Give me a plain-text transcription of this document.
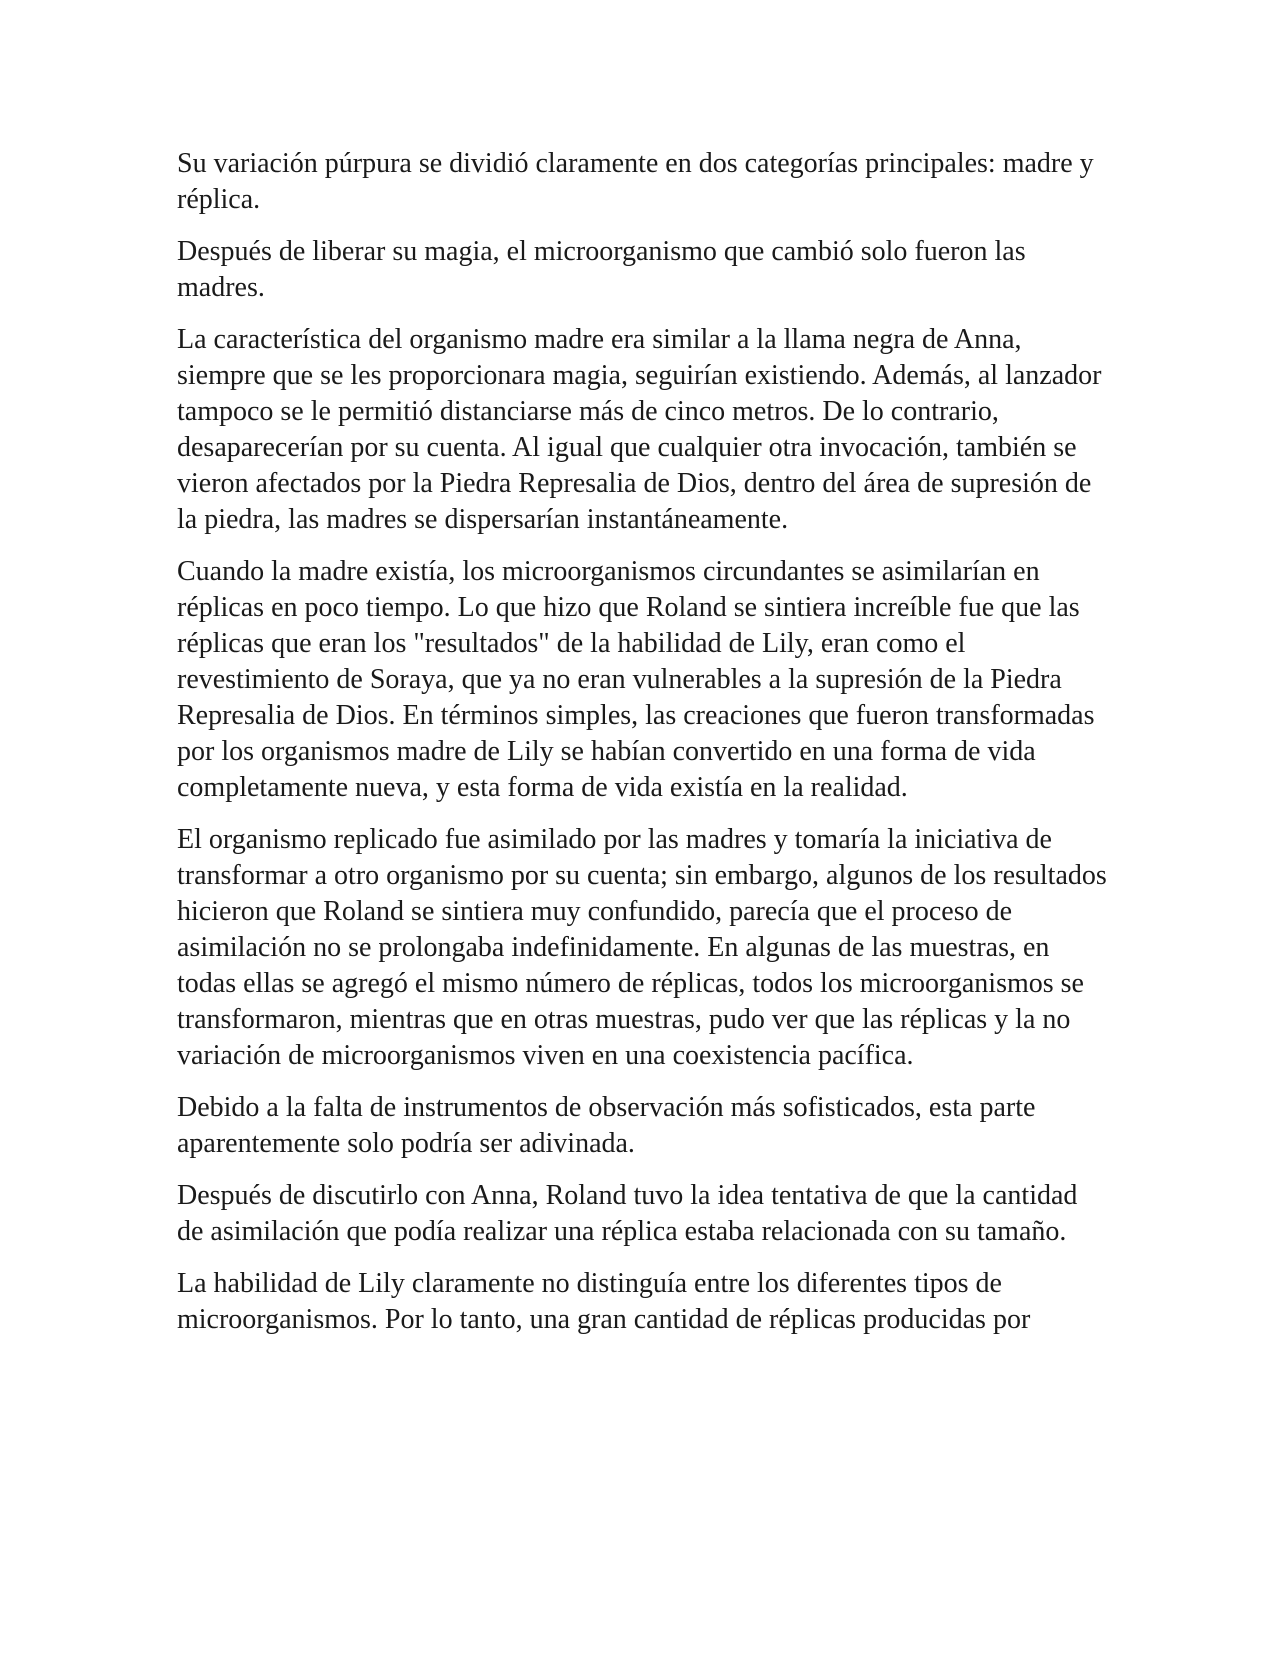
Su variación púrpura se dividió claramente en dos categorías principales: madre y réplica.

Después de liberar su magia, el microorganismo que cambió solo fueron las madres.

La característica del organismo madre era similar a la llama negra de Anna, siempre que se les proporcionara magia, seguirían existiendo. Además, al lanzador tampoco se le permitió distanciarse más de cinco metros. De lo contrario, desaparecerían por su cuenta. Al igual que cualquier otra invocación, también se vieron afectados por la Piedra Represalia de Dios, dentro del área de supresión de la piedra, las madres se dispersarían instantáneamente.

Cuando la madre existía, los microorganismos circundantes se asimilarían en réplicas en poco tiempo. Lo que hizo que Roland se sintiera increíble fue que las réplicas que eran los "resultados" de la habilidad de Lily, eran como el revestimiento de Soraya, que ya no eran vulnerables a la supresión de la Piedra Represalia de Dios. En términos simples, las creaciones que fueron transformadas por los organismos madre de Lily se habían convertido en una forma de vida completamente nueva, y esta forma de vida existía en la realidad.

El organismo replicado fue asimilado por las madres y tomaría la iniciativa de transformar a otro organismo por su cuenta; sin embargo, algunos de los resultados hicieron que Roland se sintiera muy confundido, parecía que el proceso de asimilación no se prolongaba indefinidamente. En algunas de las muestras, en todas ellas se agregó el mismo número de réplicas, todos los microorganismos se transformaron, mientras que en otras muestras, pudo ver que las réplicas y la no variación de microorganismos viven en una coexistencia pacífica.

Debido a la falta de instrumentos de observación más sofisticados, esta parte aparentemente solo podría ser adivinada.

Después de discutirlo con Anna, Roland tuvo la idea tentativa de que la cantidad de asimilación que podía realizar una réplica estaba relacionada con su tamaño.

La habilidad de Lily claramente no distinguía entre los diferentes tipos de microorganismos. Por lo tanto, una gran cantidad de réplicas producidas por
